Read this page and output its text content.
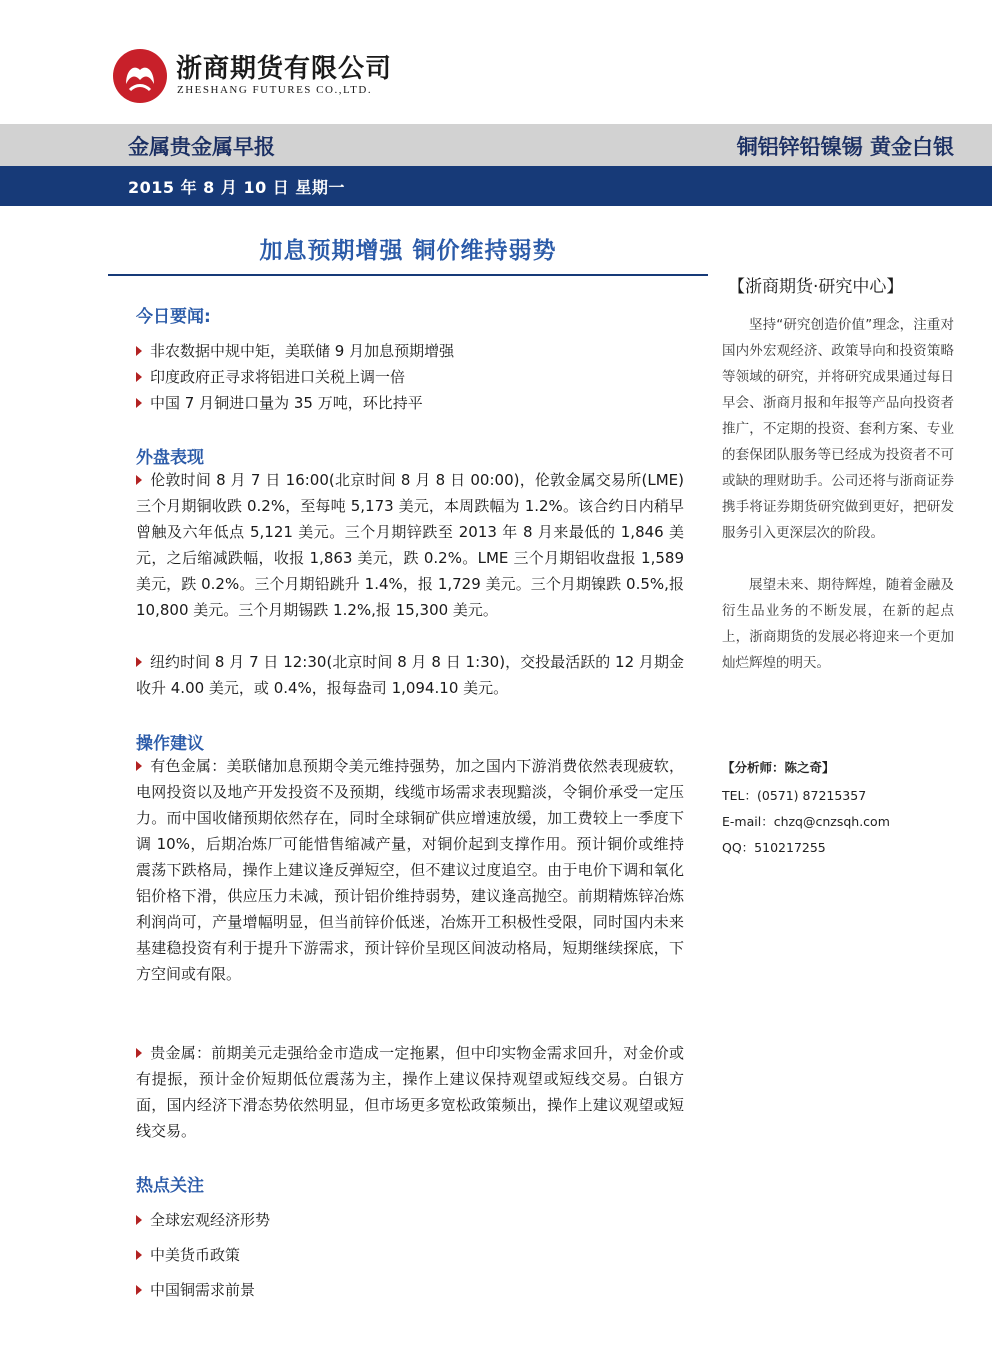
浙商期货有限公司
ZHESHANG FUTURES CO.,LTD.
金属贵金属早报	铜铝锌铅镍锡 黄金白银
2015 年 8 月 10 日 星期一
加息预期增强 铜价维持弱势
【浙商期货·研究中心】
坚持“研究创造价值”理念，注重对国内外宏观经济、政策导向和投资策略等领域的研究，并将研究成果通过每日早会、浙商月报和年报等产品向投资者推广，不定期的投资、套利方案、专业的套保团队服务等已经成为投资者不可或缺的理财助手。公司还将与浙商证券携手将证券期货研究做到更好，把研发服务引入更深层次的阶段。
展望未来、期待辉煌，随着金融及衍生品业务的不断发展，在新的起点上，浙商期货的发展必将迎来一个更加灿烂辉煌的明天。
【分析师：陈之奇】
TEL：(0571) 87215357
E-mail：chzq@cnzsqh.com
QQ：510217255
今日要闻:
非农数据中规中矩，美联储 9 月加息预期增强
印度政府正寻求将铝进口关税上调一倍
中国 7 月铜进口量为 35 万吨，环比持平
外盘表现
伦敦时间 8 月 7 日 16:00(北京时间 8 月 8 日 00:00)，伦敦金属交易所(LME)三个月期铜收跌 0.2%，至每吨 5,173 美元，本周跌幅为 1.2%。该合约日内稍早曾触及六年低点 5,121 美元。三个月期锌跌至 2013 年 8 月来最低的 1,846 美元，之后缩减跌幅，收报 1,863 美元，跌 0.2%。LME 三个月期铝收盘报 1,589 美元，跌 0.2%。三个月期铅跳升 1.4%，报 1,729 美元。三个月期镍跌 0.5%,报 10,800 美元。三个月期锡跌 1.2%,报 15,300 美元。
纽约时间 8 月 7 日 12:30(北京时间 8 月 8 日 1:30)，交投最活跃的 12 月期金收升 4.00 美元，或 0.4%，报每盎司 1,094.10 美元。
操作建议
有色金属：美联储加息预期令美元维持强势，加之国内下游消费依然表现疲软，电网投资以及地产开发投资不及预期，线缆市场需求表现黯淡，令铜价承受一定压力。而中国收储预期依然存在，同时全球铜矿供应增速放缓，加工费较上一季度下调 10%，后期冶炼厂可能惜售缩减产量，对铜价起到支撑作用。预计铜价或维持震荡下跌格局，操作上建议逢反弹短空，但不建议过度追空。由于电价下调和氧化铝价格下滑，供应压力未减，预计铝价维持弱势，建议逢高抛空。前期精炼锌冶炼利润尚可，产量增幅明显，但当前锌价低迷，冶炼开工积极性受限，同时国内未来基建稳投资有利于提升下游需求，预计锌价呈现区间波动格局，短期继续探底，下方空间或有限。
贵金属：前期美元走强给金市造成一定拖累，但中印实物金需求回升，对金价或有提振，预计金价短期低位震荡为主，操作上建议保持观望或短线交易。白银方面，国内经济下滑态势依然明显，但市场更多宽松政策频出，操作上建议观望或短线交易。
热点关注
全球宏观经济形势
中美货币政策
中国铜需求前景
